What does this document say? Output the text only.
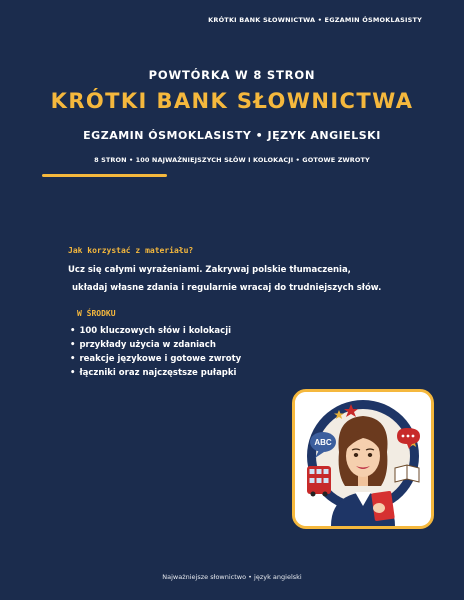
KRÓTKI BANK SŁOWNICTWA • EGZAMIN ÓSMOKLASISTY
POWTÓRKA W 8 STRON
KRÓTKI BANK SŁOWNICTWA
EGZAMIN ÓSMOKLASISTY • JĘZYK ANGIELSKI
8 STRON • 100 NAJWAŻNIEJSZYCH SŁÓW I KOLOKACJI • GOTOWE ZWROTY
Jak korzystać z materiału?
Ucz się całymi wyrażeniami. Zakrywaj polskie tłumaczenia,
układaj własne zdania i regularnie wracaj do trudniejszych słów.
W ŚRODKU
• 100 kluczowych słów i kolokacji
• przykłady użycia w zdaniach
• reakcje językowe i gotowe zwroty
• łączniki oraz najczęstsze pułapki
ABC
Najważniejsze słownictwo • język angielski
